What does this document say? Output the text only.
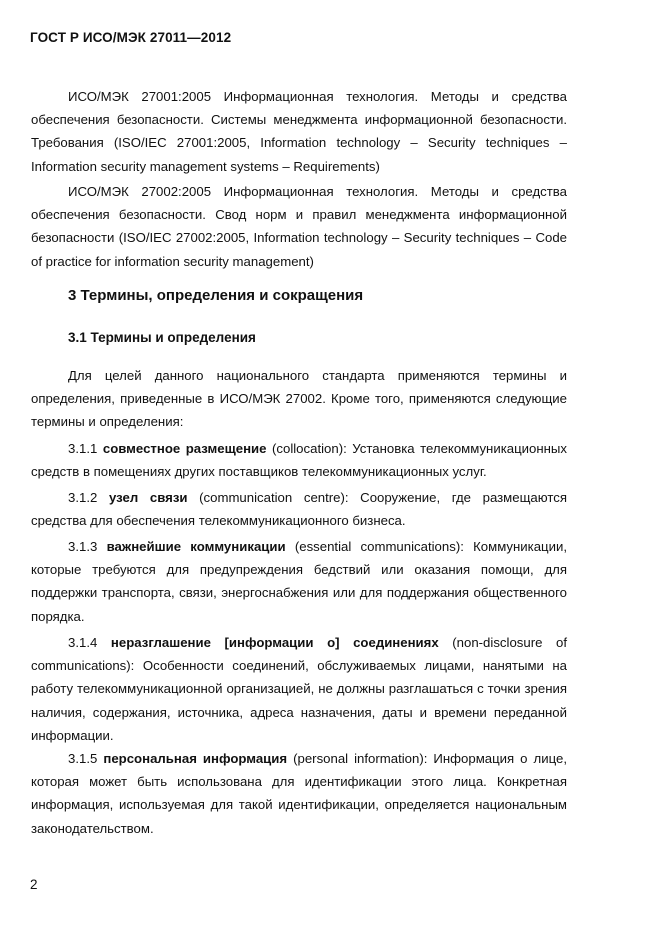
ГОСТ Р ИСО/МЭК 27011—2012
ИСО/МЭК 27001:2005 Информационная технология. Методы и средства обеспечения безопасности. Системы менеджмента информационной безопасности. Требования (ISO/IEC 27001:2005, Information technology – Security techniques – Information security management systems – Requirements)
ИСО/МЭК 27002:2005 Информационная технология. Методы и средства обеспечения безопасности. Свод норм и правил менеджмента информационной безопасности (ISO/IEC 27002:2005, Information technology – Security techniques – Code of practice for information security management)
3 Термины, определения и сокращения
3.1 Термины и определения
Для целей данного национального стандарта применяются термины и определения, приведенные в ИСО/МЭК 27002. Кроме того, применяются следующие термины и определения:
3.1.1 совместное размещение (collocation): Установка телекоммуникационных средств в помещениях других поставщиков телекоммуникационных услуг.
3.1.2 узел связи (communication centre): Сооружение, где размещаются средства для обеспечения телекоммуникационного бизнеса.
3.1.3 важнейшие коммуникации (essential communications): Коммуникации, которые требуются для предупреждения бедствий или оказания помощи, для поддержки транспорта, связи, энергоснабжения или для поддержания общественного порядка.
3.1.4 неразглашение [информации о] соединениях (non-disclosure of communications): Особенности соединений, обслуживаемых лицами, нанятыми на работу телекоммуникационной организацией, не должны разглашаться с точки зрения наличия, содержания, источника, адреса назначения, даты и времени переданной информации.
3.1.5 персональная информация (personal information): Информация о лице, которая может быть использована для идентификации этого лица. Конкретная информация, используемая для такой идентификации, определяется национальным законодательством.
2
